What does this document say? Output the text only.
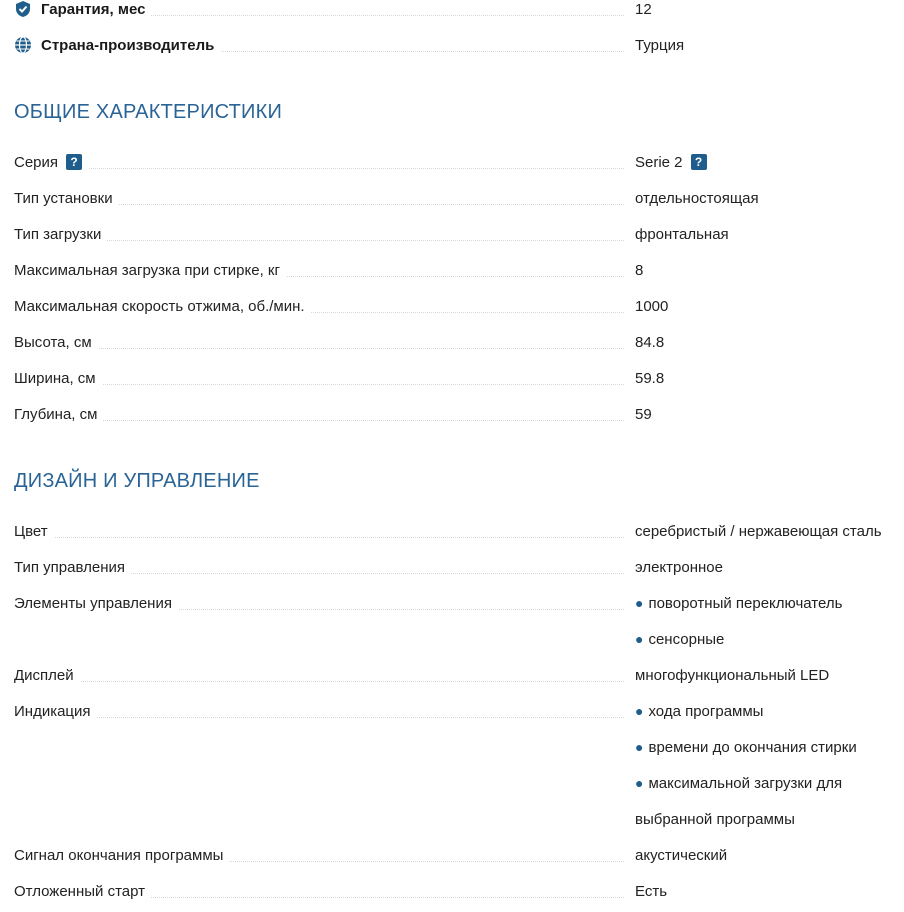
Гарантия, мес	12
Страна-производитель	Турция
ОБЩИЕ ХАРАКТЕРИСТИКИ
Серия	?	Serie 2	?
Тип установки	отдельностоящая
Тип загрузки	фронтальная
Максимальная загрузка при стирке, кг	8
Максимальная скорость отжима, об./мин.	1000
Высота, см	84.8
Ширина, см	59.8
Глубина, см	59
ДИЗАЙН И УПРАВЛЕНИЕ
Цвет	серебристый / нержавеющая сталь
Тип управления	электронное
Элементы управления	● поворотный переключатель
● сенсорные
Дисплей	многофункциональный LED
Индикация	● хода программы
● времени до окончания стирки
● максимальной загрузки для
выбранной программы
Сигнал окончания программы	акустический
Отложенный старт	Есть
